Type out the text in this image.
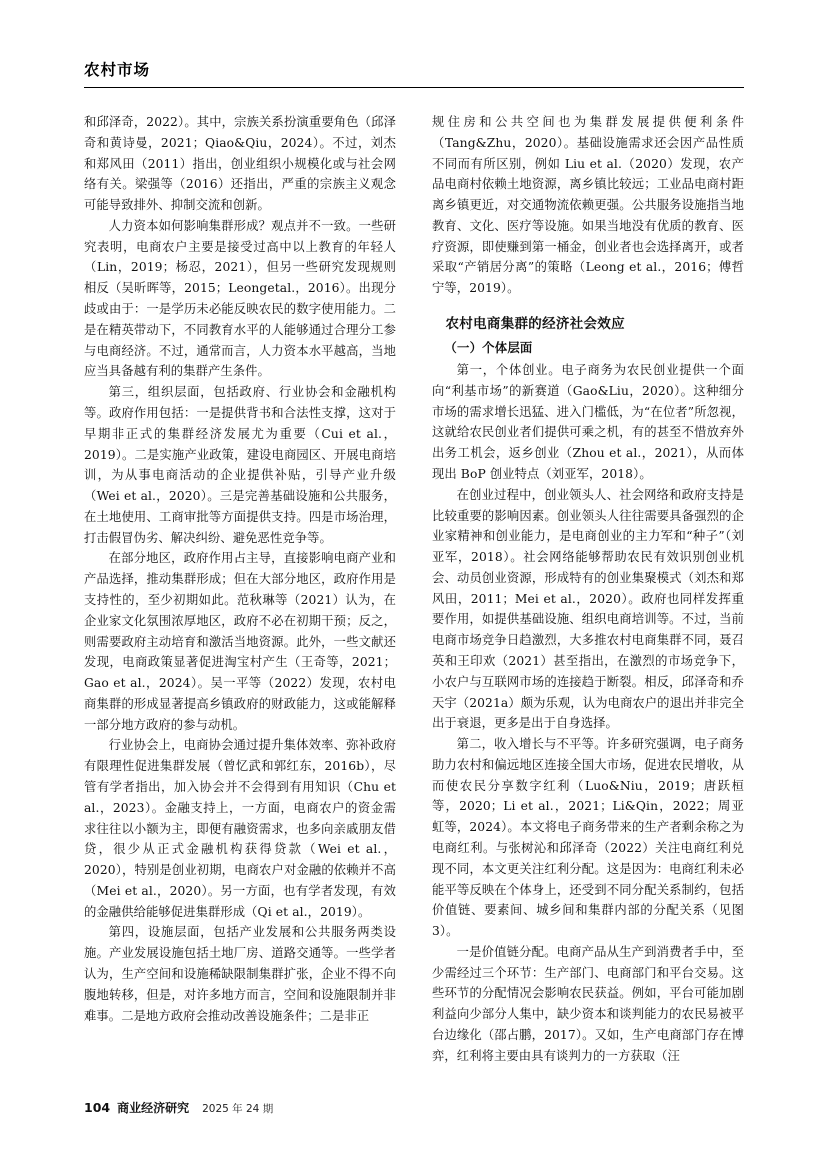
农村市场

和邱泽奇，2022）。其中，宗族关系扮演重要角色（邱泽奇和黄诗曼，2021；Qiao&Qiu，2024）。不过，刘杰和郑风田（2011）指出，创业组织小规模化或与社会网络有关。梁强等（2016）还指出，严重的宗族主义观念可能导致排外、抑制交流和创新。

人力资本如何影响集群形成？观点并不一致。一些研究表明，电商农户主要是接受过高中以上教育的年轻人（Lin，2019；杨忍，2021），但另一些研究发现规则相反（吴昕晖等，2015；Leongetal.，2016）。出现分歧或由于：一是学历未必能反映农民的数字使用能力。二是在精英带动下，不同教育水平的人能够通过合理分工参与电商经济。不过，通常而言，人力资本水平越高，当地应当具备越有利的集群产生条件。

第三，组织层面，包括政府、行业协会和金融机构等。政府作用包括：一是提供背书和合法性支撑，这对于早期非正式的集群经济发展尤为重要（Cui et al.，2019）。二是实施产业政策，建设电商园区、开展电商培训，为从事电商活动的企业提供补贴，引导产业升级（Wei et al.，2020）。三是完善基础设施和公共服务，在土地使用、工商审批等方面提供支持。四是市场治理，打击假冒伪劣、解决纠纷、避免恶性竞争等。

在部分地区，政府作用占主导，直接影响电商产业和产品选择，推动集群形成；但在大部分地区，政府作用是支持性的，至少初期如此。范秋琳等（2021）认为，在企业家文化氛围浓厚地区，政府不必在初期干预；反之，则需要政府主动培育和激活当地资源。此外，一些文献还发现，电商政策显著促进淘宝村产生（王奇等，2021；Gao et al.，2024）。吴一平等（2022）发现，农村电商集群的形成显著提高乡镇政府的财政能力，这或能解释一部分地方政府的参与动机。

行业协会上，电商协会通过提升集体效率、弥补政府有限理性促进集群发展（曾忆武和郭红东，2016b），尽管有学者指出，加入协会并不会得到有用知识（Chu et al.，2023）。金融支持上，一方面，电商农户的资金需求往往以小额为主，即便有融资需求，也多向亲戚朋友借贷，很少从正式金融机构获得贷款（Wei et al.，2020），特别是创业初期，电商农户对金融的依赖并不高（Mei et al.，2020）。另一方面，也有学者发现，有效的金融供给能够促进集群形成（Qi et al.，2019）。

第四，设施层面，包括产业发展和公共服务两类设施。产业发展设施包括土地厂房、道路交通等。一些学者认为，生产空间和设施稀缺限制集群扩张，企业不得不向腹地转移，但是，对许多地方而言，空间和设施限制并非难事。二是地方政府会推动改善设施条件；二是非正

规住房和公共空间也为集群发展提供便利条件（Tang&Zhu，2020）。基础设施需求还会因产品性质不同而有所区别，例如 Liu et al.（2020）发现，农产品电商村依赖土地资源，离乡镇比较远；工业品电商村距离乡镇更近，对交通物流依赖更强。公共服务设施指当地教育、文化、医疗等设施。如果当地没有优质的教育、医疗资源，即使赚到第一桶金，创业者也会选择离开，或者采取“产销居分离”的策略（Leong et al.，2016；傅哲宁等，2019）。

农村电商集群的经济社会效应
（一）个体层面

第一，个体创业。电子商务为农民创业提供一个面向“利基市场”的新赛道（Gao&Liu，2020）。这种细分市场的需求增长迅猛、进入门槛低，为“在位者”所忽视，这就给农民创业者们提供可乘之机，有的甚至不惜放弃外出务工机会，返乡创业（Zhou et al.，2021），从而体现出 BoP 创业特点（刘亚军，2018）。

在创业过程中，创业领头人、社会网络和政府支持是比较重要的影响因素。创业领头人往往需要具备强烈的企业家精神和创业能力，是电商创业的主力军和“种子”（刘亚军，2018）。社会网络能够帮助农民有效识别创业机会、动员创业资源，形成特有的创业集聚模式（刘杰和郑风田，2011；Mei et al.，2020）。政府也同样发挥重要作用，如提供基础设施、组织电商培训等。不过，当前电商市场竞争日趋激烈，大多推农村电商集群不同，聂召英和王印欢（2021）甚至指出，在激烈的市场竞争下，小农户与互联网市场的连接趋于断裂。相反，邱泽奇和乔天宇（2021a）颇为乐观，认为电商农户的退出并非完全出于衰退，更多是出于自身选择。

第二，收入增长与不平等。许多研究强调，电子商务助力农村和偏远地区连接全国大市场，促进农民增收，从而使农民分享数字红利（Luo&Niu，2019；唐跃桓等，2020；Li et al.，2021；Li&Qin，2022；周亚虹等，2024）。本文将电子商务带来的生产者剩余称之为电商红利。与张树沁和邱泽奇（2022）关注电商红利兑现不同，本文更关注红利分配。这是因为：电商红利未必能平等反映在个体身上，还受到不同分配关系制约，包括价值链、要素间、城乡间和集群内部的分配关系（见图3）。

一是价值链分配。电商产品从生产到消费者手中，至少需经过三个环节：生产部门、电商部门和平台交易。这些环节的分配情况会影响农民获益。例如，平台可能加剧利益向少部分人集中，缺少资本和谈判能力的农民易被平台边缘化（邵占鹏，2017）。又如，生产电商部门存在博弈，红利将主要由具有谈判力的一方获取（汪

104 商业经济研究 2025 年 24 期
